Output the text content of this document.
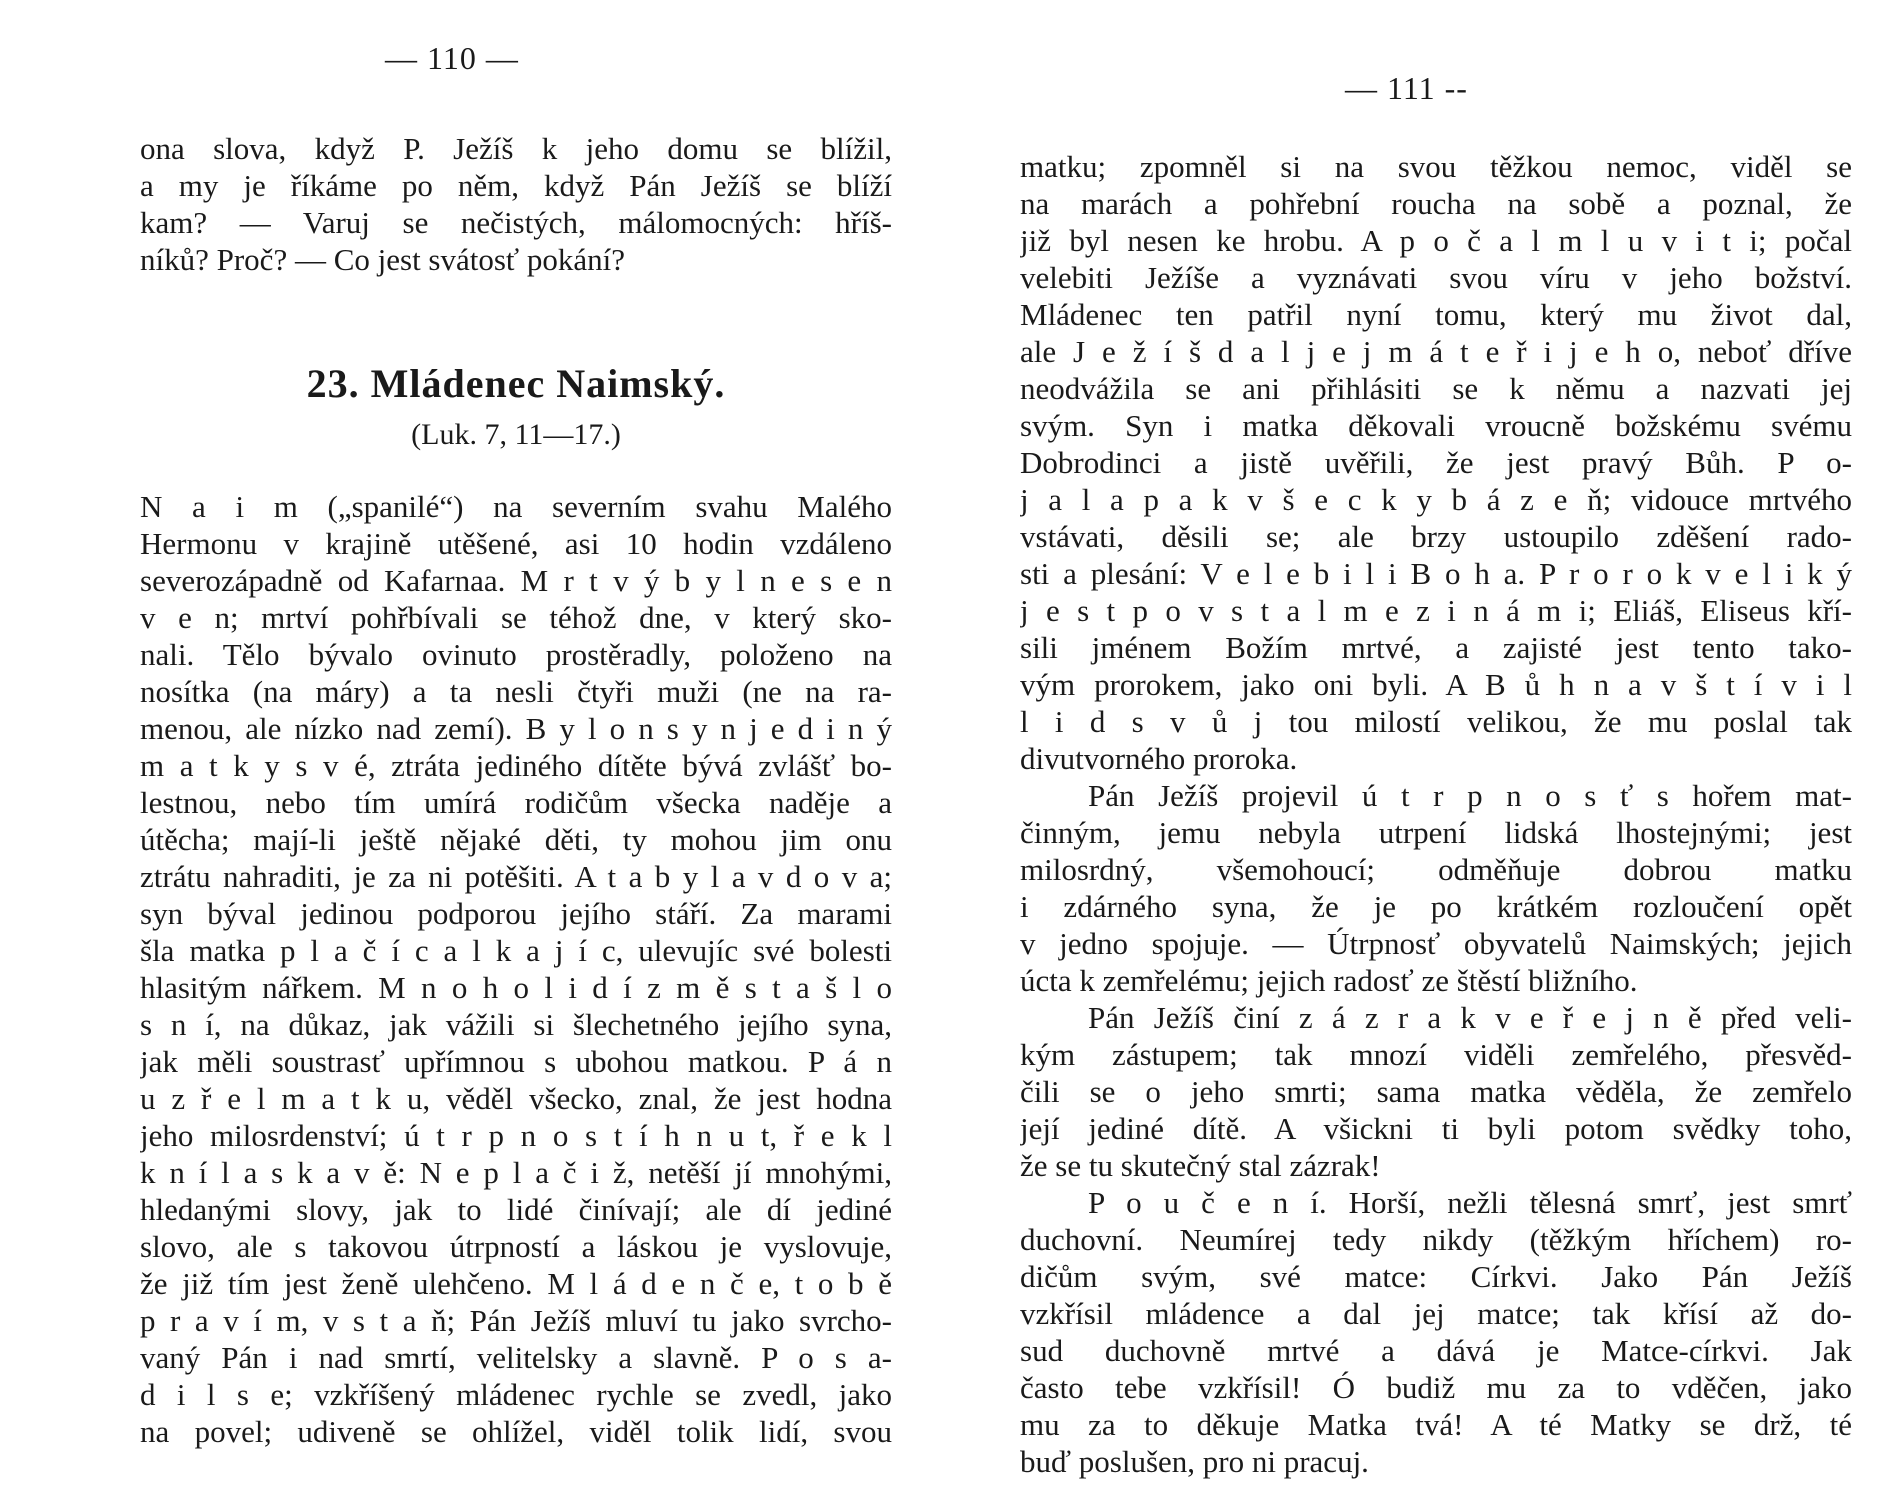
— 110 —
ona slova, když P. Ježíš k jeho domu se blížil,
a my je říkáme po něm, když Pán Ježíš se blíží
kam? — Varuj se nečistých, málomocných: hříš-
níků? Proč? — Co jest svátosť pokání?
23. Mládenec Naimský.
(Luk. 7, 11—17.)
N a i m („spanilé“) na severním svahu Malého
Hermonu v krajině utěšené, asi 10 hodin vzdáleno
severozápadně od Kafarnaa. M r t v ý b y l n e s e n
v e n; mrtví pohřbívali se téhož dne, v který sko-
nali. Tělo bývalo ovinuto prostěradly, položeno na
nosítka (na máry) a ta nesli čtyři muži (ne na ra-
menou, ale nízko nad zemí). B y l o n s y n j e d i n ý
m a t k y s v é, ztráta jediného dítěte bývá zvlášť bo-
lestnou, nebo tím umírá rodičům všecka naděje a
útěcha; mají-li ještě nějaké děti, ty mohou jim onu
ztrátu nahraditi, je za ni potěšiti. A t a b y l a v d o v a;
syn býval jedinou podporou jejího stáří. Za marami
šla matka p l a č í c a l k a j í c, ulevujíc své bolesti
hlasitým nářkem. M n o h o l i d í z m ě s t a š l o
s n í, na důkaz, jak vážili si šlechetného jejího syna,
jak měli soustrasť upřímnou s ubohou matkou. P á n
u z ř e l m a t k u, věděl všecko, znal, že jest hodna
jeho milosrdenství; ú t r p n o s t í h n u t, ř e k l
k n í l a s k a v ě: N e p l a č i ž, netěší jí mnohými,
hledanými slovy, jak to lidé činívají; ale dí jediné
slovo, ale s takovou útrpností a láskou je vyslovuje,
že již tím jest ženě ulehčeno. M l á d e n č e, t o b ě
p r a v í m, v s t a ň; Pán Ježíš mluví tu jako svrcho-
vaný Pán i nad smrtí, velitelsky a slavně. P o s a-
d i l s e; vzkříšený mládenec rychle se zvedl, jako
na povel; udiveně se ohlížel, viděl tolik lidí, svou
— 111 --
matku; zpomněl si na svou těžkou nemoc, viděl se
na marách a pohřební roucha na sobě a poznal, že
již byl nesen ke hrobu. A p o č a l m l u v i t i; počal
velebiti Ježíše a vyznávati svou víru v jeho božství.
Mládenec ten patřil nyní tomu, který mu život dal,
ale J e ž í š d a l j e j m á t e ř i j e h o, neboť dříve
neodvážila se ani přihlásiti se k němu a nazvati jej
svým. Syn i matka děkovali vroucně božskému svému
Dobrodinci a jistě uvěřili, že jest pravý Bůh. P o-
j a l a p a k v š e c k y b á z e ň; vidouce mrtvého
vstávati, děsili se; ale brzy ustoupilo zděšení rado-
sti a plesání: V e l e b i l i B o h a. P r o r o k v e l i k ý
j e s t p o v s t a l m e z i n á m i; Eliáš, Eliseus kří-
sili jménem Božím mrtvé, a zajisté jest tento tako-
vým prorokem, jako oni byli. A B ů h n a v š t í v i l
l i d s v ů j tou milostí velikou, že mu poslal tak
divutvorného proroka.
Pán Ježíš projevil ú t r p n o s ť s hořem mat-
činným, jemu nebyla utrpení lidská lhostejnými; jest
milosrdný, všemohoucí; odměňuje dobrou matku
i zdárného syna, že je po krátkém rozloučení opět
v jedno spojuje. — Útrpnosť obyvatelů Naimských; jejich
úcta k zemřelému; jejich radosť ze štěstí bližního.
Pán Ježíš činí z á z r a k v e ř e j n ě před veli-
kým zástupem; tak mnozí viděli zemřelého, přesvěd-
čili se o jeho smrti; sama matka věděla, že zemřelo
její jediné dítě. A všickni ti byli potom svědky toho,
že se tu skutečný stal zázrak!
P o u č e n í. Horší, nežli tělesná smrť, jest smrť
duchovní. Neumírej tedy nikdy (těžkým hříchem) ro-
dičům svým, své matce: Církvi. Jako Pán Ježíš
vzkřísil mládence a dal jej matce; tak křísí až do-
sud duchovně mrtvé a dává je Matce-církvi. Jak
často tebe vzkřísil! Ó budiž mu za to vděčen, jako
mu za to děkuje Matka tvá! A té Matky se drž, té
buď poslušen, pro ni pracuj.
